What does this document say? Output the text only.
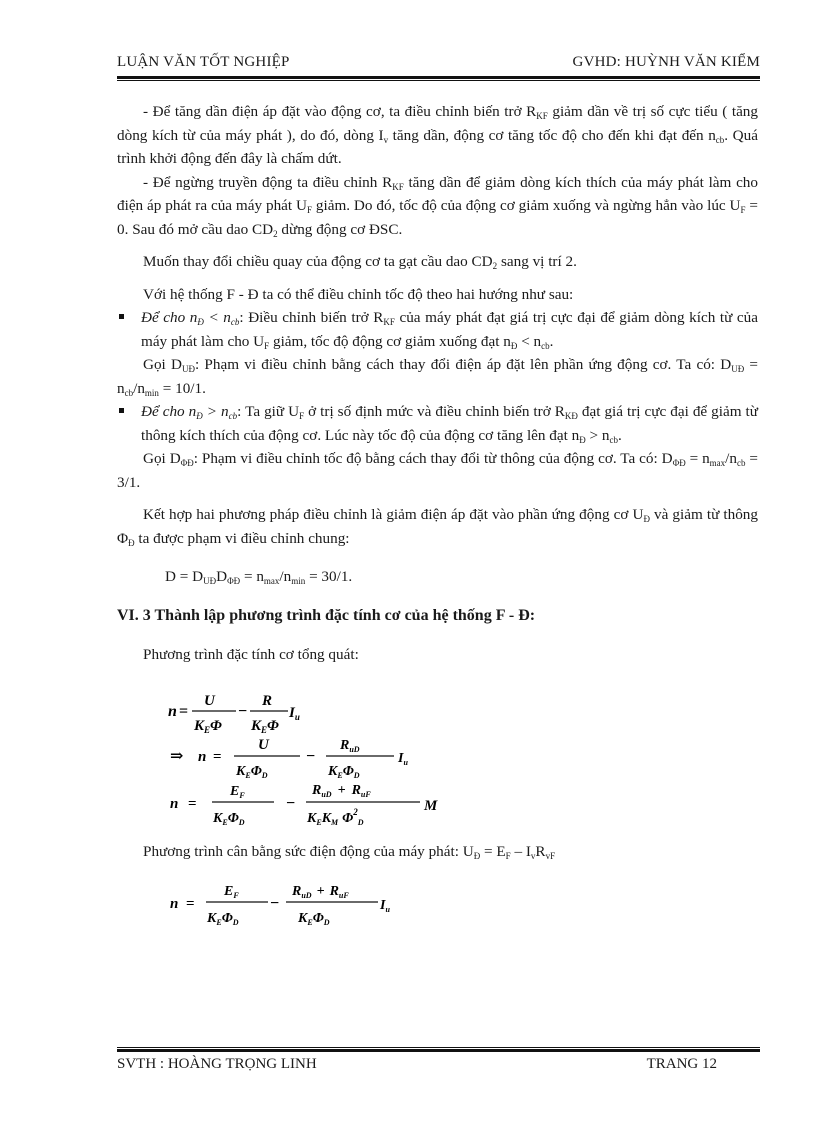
LUẬN VĂN TỐT NGHIỆP	GVHD: HUỲNH VĂN KIỂM

- Để tăng dần điện áp đặt vào động cơ, ta điều chỉnh biến trở $R_{KF}$ giảm dần về trị số cực tiểu ( tăng dòng kích từ của máy phát ), do đó, dòng $I_v$ tăng dần, động cơ tăng tốc độ cho đến khi đạt đến $n_{cb}$. Quá trình khởi động đến đây là chấm dứt.

- Để ngừng truyền động ta điều chỉnh $R_{KF}$ tăng dần để giảm dòng kích thích của máy phát làm cho điện áp phát ra của máy phát $U_F$ giảm. Do đó, tốc độ của động cơ giảm xuống và ngừng hẳn vào lúc $U_F = 0$. Sau đó mở cầu dao $CD_2$ dừng động cơ ĐSC.

Muốn thay đổi chiều quay của động cơ ta gạt cầu dao $CD_2$ sang vị trí 2.

Với hệ thống F - Đ ta có thể điều chỉnh tốc độ theo hai hướng như sau:

Để cho $n_Đ < n_{cb}$: Điều chỉnh biến trở $R_{KF}$ của máy phát đạt giá trị cực đại để giảm dòng kích từ của máy phát làm cho $U_F$ giảm, tốc độ động cơ giảm xuống đạt $n_Đ < n_{cb}$.

Gọi $D_{UĐ}$: Phạm vi điều chỉnh bằng cách thay đổi điện áp đặt lên phần ứng động cơ. Ta có: $D_{UĐ} = n_{cb}/n_{min} = 10/1$.

Để cho $n_Đ > n_{cb}$: Ta giữ $U_F$ ở trị số định mức và điều chỉnh biến trở $R_{KĐ}$ đạt giá trị cực đại để giảm từ thông kích thích của động cơ. Lúc này tốc độ của động cơ tăng lên đạt $n_Đ > n_{cb}$.

Gọi $D_{\Phi Đ}$: Phạm vi điều chỉnh tốc độ bằng cách thay đổi từ thông của động cơ. Ta có: $D_{\Phi Đ} = n_{max}/n_{cb} = 3/1$.

Kết hợp hai phương pháp điều chỉnh là giảm điện áp đặt vào phần ứng động cơ $U_Đ$ và giảm từ thông $\Phi_Đ$ ta được phạm vi điều chỉnh chung:

$D = D_{UĐ}D_{\Phi Đ} = n_{max}/n_{min} = 30/1$.

VI. 3 Thành lập phương trình đặc tính cơ của hệ thống F - Đ:

Phương trình đặc tính cơ tổng quát:

n =
U
$K_E\Phi$
−
R
$K_E\Phi$
$I_u$
⇒ n =
U
$K_E\Phi_D$
−
$R_{uD}$
$K_E\Phi_D$
$I_u$
n =
$E_F$
$K_E\Phi_D$
−
$R_{uD} + R_{uF}$
$K_EK_M$ $\Phi^2_D$
M
Phương trình cân bằng sức điện động của máy phát: $U_Đ = E_F - I_vR_{vF}$
n =
$E_F$
$K_E\Phi_D$
−
$R_{uD} + R_{uF}$
$K_E\Phi_D$
$I_u$
SVTH : HOÀNG TRỌNG LINH	TRANG 12
